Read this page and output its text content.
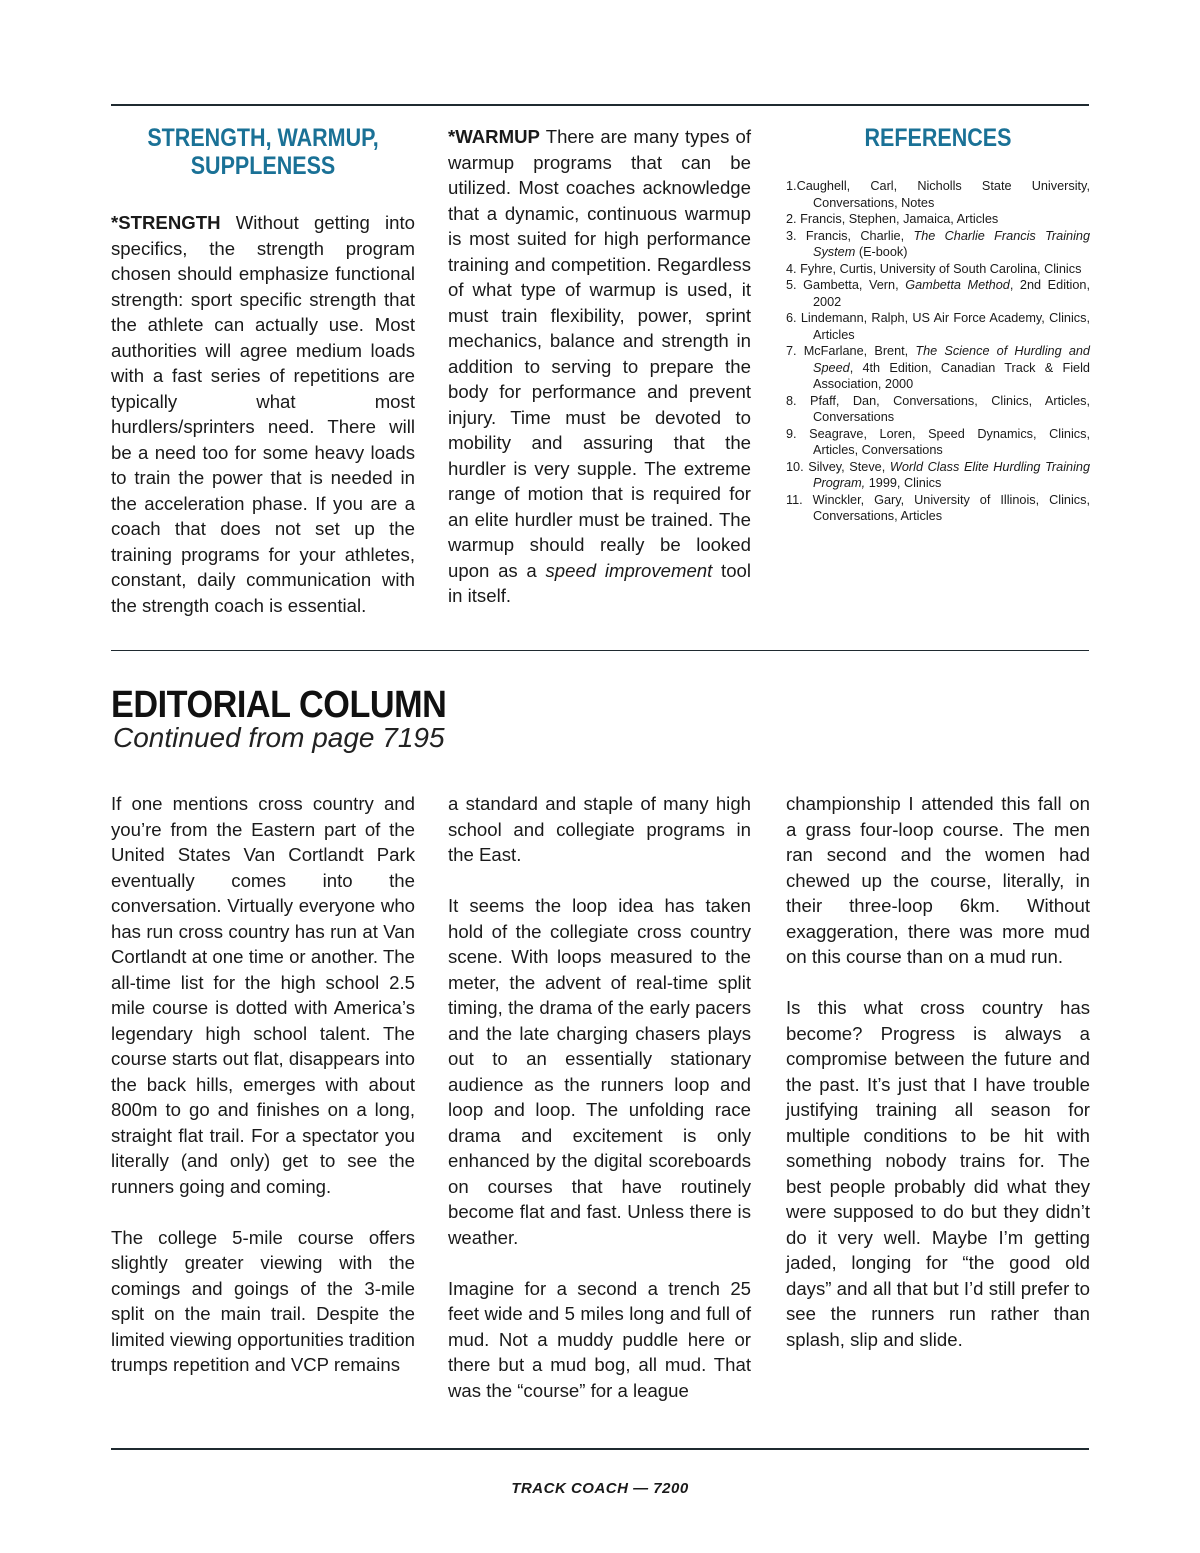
STRENGTH, WARMUP, SUPPLENESS

*STRENGTH Without getting into specifics, the strength program chosen should emphasize functional strength: sport specific strength that the athlete can actually use. Most authorities will agree medium loads with a fast series of repetitions are typically what most hurdlers/sprinters need. There will be a need too for some heavy loads to train the power that is needed in the acceleration phase. If you are a coach that does not set up the training programs for your athletes, constant, daily communication with the strength coach is essential.

*WARMUP There are many types of warmup programs that can be utilized. Most coaches acknowledge that a dynamic, continuous warmup is most suited for high performance training and competition. Regardless of what type of warmup is used, it must train flexibility, power, sprint mechanics, balance and strength in addition to serving to prepare the body for performance and prevent injury. Time must be devoted to mobility and assuring that the hurdler is very supple. The extreme range of motion that is required for an elite hurdler must be trained. The warmup should really be looked upon as a speed improvement tool in itself.

REFERENCES
1.Caughell, Carl, Nicholls State University, Conversations, Notes
2. Francis, Stephen, Jamaica, Articles
3. Francis, Charlie, The Charlie Francis Training System (E-book)
4. Fyhre, Curtis, University of South Carolina, Clinics
5. Gambetta, Vern, Gambetta Method, 2nd Edition, 2002
6. Lindemann, Ralph, US Air Force Academy, Clinics, Articles
7. McFarlane, Brent, The Science of Hurdling and Speed, 4th Edition, Canadian Track & Field Association, 2000
8. Pfaff, Dan, Conversations, Clinics, Articles, Conversations
9. Seagrave, Loren, Speed Dynamics, Clinics, Articles, Conversations
10. Silvey, Steve, World Class Elite Hurdling Training Program, 1999, Clinics
11. Winckler, Gary, University of Illinois, Clinics, Conversations, Articles
EDITORIAL COLUMN
Continued from page 7195

If one mentions cross country and you’re from the Eastern part of the United States Van Cortlandt Park eventually comes into the conversation. Virtually everyone who has run cross country has run at Van Cortlandt at one time or another. The all-time list for the high school 2.5 mile course is dotted with America’s legendary high school talent. The course starts out flat, disappears into the back hills, emerges with about 800m to go and finishes on a long, straight flat trail. For a spectator you literally (and only) get to see the runners going and coming.

The college 5-mile course offers slightly greater viewing with the comings and goings of the 3-mile split on the main trail. Despite the limited viewing opportunities tradition trumps repetition and VCP remains

a standard and staple of many high school and collegiate programs in the East.

It seems the loop idea has taken hold of the collegiate cross country scene. With loops measured to the meter, the advent of real-time split timing, the drama of the early pacers and the late charging chasers plays out to an essentially stationary audience as the runners loop and loop and loop. The unfolding race drama and excitement is only enhanced by the digital scoreboards on courses that have routinely become flat and fast. Unless there is weather.

Imagine for a second a trench 25 feet wide and 5 miles long and full of mud. Not a muddy puddle here or there but a mud bog, all mud. That was the “course” for a league

championship I attended this fall on a grass four-loop course. The men ran second and the women had chewed up the course, literally, in their three-loop 6km. Without exaggeration, there was more mud on this course than on a mud run.

Is this what cross country has become? Progress is always a compromise between the future and the past. It’s just that I have trouble justifying training all season for multiple conditions to be hit with something nobody trains for. The best people probably did what they were supposed to do but they didn’t do it very well. Maybe I’m getting jaded, longing for “the good old days” and all that but I’d still prefer to see the runners run rather than splash, slip and slide.

TRACK COACH — 7200
